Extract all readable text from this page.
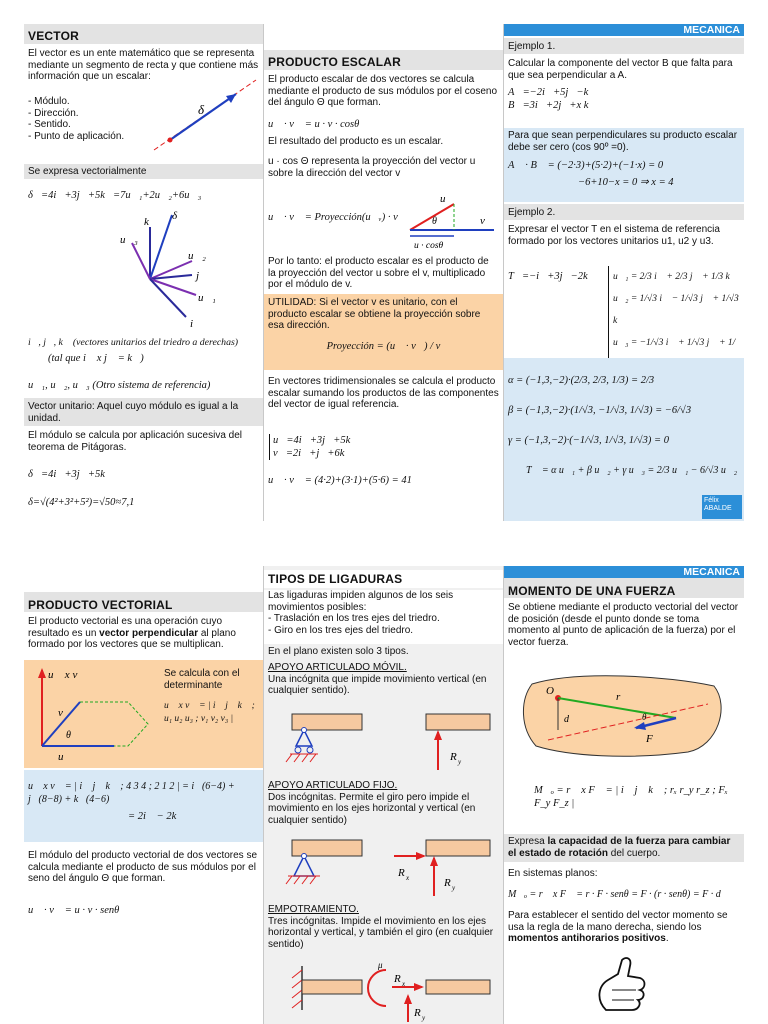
MECANICA
VECTOR
El vector es un ente matemático que se representa mediante un segmento de recta y que contiene más información que un escalar:
- Módulo.
- Dirección.
- Sentido.
- Punto de aplicación.
δ
Se expresa vectorialmente
δ⃗=4i⃗+3j⃗+5k⃗=7u⃗₁+2u⃗₂+6u⃗₃
k⃗ δ⃗
u⃗₃
u⃗₂
j⃗
u⃗₁
i⃗
i⃗, j⃗, k⃗ (vectores unitarios del triedro a derechas)
(tal que i⃗ x j⃗ = k⃗)
u⃗₁, u⃗₂, u⃗₃ (Otro sistema de referencia)
Vector unitario: Aquel cuyo módulo es igual a la unidad.
El módulo se calcula por aplicación sucesiva del teorema de Pitágoras.
δ⃗=4i⃗+3j⃗+5k⃗
δ=√(4²+3²+5²)=√50≈7,1
PRODUCTO ESCALAR
El producto escalar de dos vectores se calcula mediante el producto de sus módulos por el coseno del ángulo Θ que forman.
u⃗ · v⃗ = u · v · cosθ
El resultado del producto es un escalar.
u · cos Θ representa la proyección del vector u sobre la dirección del vector v
u⃗ · v⃗ = Proyección(u⃗ᵥ) · v
u⃗
θ	v⃗
u · cosθ
Por lo tanto: el producto escalar es el producto de la proyección del vector u sobre el v, multiplicado por el módulo de v.
UTILIDAD: Si el vector v es unitario, con el producto escalar se obtiene la proyección sobre esa dirección.
Proyección = (u⃗ · v⃗) / v
En vectores tridimensionales se calcula el producto escalar sumando los productos de las componentes del vector de igual referencia.
u⃗=4i⃗+3j⃗+5k⃗
v⃗=2i⃗+j⃗+6k⃗
u⃗ · v⃗ = (4·2)+(3·1)+(5·6) = 41
Ejemplo 1.
Calcular la componente del vector B que falta para que sea perpendicular a A.
A⃗=−2i⃗+5j⃗−k⃗
B⃗=3i⃗+2j⃗+x k⃗
Para que sean perpendiculares su producto escalar debe ser cero (cos 90º =0).
A⃗ · B⃗ = (−2·3)+(5·2)+(−1·x) = 0
−6+10−x = 0 ⇒ x = 4
Ejemplo 2.
Expresar el vector T en el sistema de referencia formado por los vectores unitarios u1, u2 y u3.
T⃗=−i⃗+3j⃗−2k⃗	u⃗₁ = 2/3 i⃗ + 2/3 j⃗ + 1/3 k⃗
u⃗₂ = 1/√3 i⃗ − 1/√3 j⃗ + 1/√3 k⃗
u⃗₃ = −1/√3 i⃗ + 1/√3 j⃗ + 1/
α = (−1,3,−2)·(2/3, 2/3, 1/3) = 2/3
β = (−1,3,−2)·(1/√3, −1/√3, 1/√3) = −6/√3
γ = (−1,3,−2)·(−1/√3, 1/√3, 1/√3) = 0
T⃗ = α u⃗₁ + β u⃗₂ + γ u⃗₃ = 2/3 u⃗₁ − 6/√3 u⃗₂
Félix ABALDE
MECANICA
PRODUCTO VECTORIAL
El producto vectorial es una operación cuyo resultado es un vector perpendicular al plano formado por los vectores que se multiplican.
u⃗ x v⃗
v⃗
θ
u⃗
Se calcula con el determinante
u⃗ x v⃗ = | i⃗ j⃗ k⃗ ; u₁ u₂ u₃ ; v₁ v₂ v₃ |
u⃗ x v⃗ = | i⃗ j⃗ k⃗ ; 4 3 4 ; 2 1 2 | = i⃗(6−4) + j⃗(8−8) + k⃗(4−6)
= 2i⃗ − 2k⃗
El módulo del producto vectorial de dos vectores se calcula mediante el producto de sus módulos por el seno del ángulo Θ que forman.
u⃗ · v⃗ = u · v · senθ
TIPOS DE LIGADURAS
Las ligaduras impiden algunos de los seis movimientos posibles:
- Traslación en los tres ejes del triedro.
- Giro en los tres ejes del triedro.
En el plano existen solo 3 tipos.
APOYO ARTICULADO MÓVIL.
Una incógnita que impide movimiento vertical (en cualquier sentido).
R y
APOYO ARTICULADO FIJO.
Dos incógnitas. Permite el giro pero impide el movimiento en los ejes horizontal y vertical (en cualquier sentido)
R x	R y
EMPOTRAMIENTO.
Tres incógnitas. Impide el movimiento en los ejes horizontal y vertical, y también el giro (en cualquier sentido)
μ
R x
R y
MOMENTO DE UNA FUERZA
Se obtiene mediante el producto vectorial del vector de posición (desde el punto donde se toma momento al punto de aplicación de la fuerza) por el vector fuerza.
O	r⃗
d	θ
F⃗
M⃗ₒ = r⃗ x F⃗ = | i⃗ j⃗ k⃗ ; rₓ r_y r_z ; Fₓ F_y F_z |
Expresa la capacidad de la fuerza para cambiar el estado de rotación del cuerpo.
En sistemas planos:
M⃗ₒ = r⃗ x F⃗ = r · F · senθ = F · (r · senθ) = F · d
Para establecer el sentido del vector momento se usa la regla de la mano derecha, siendo los momentos antihorarios positivos.
